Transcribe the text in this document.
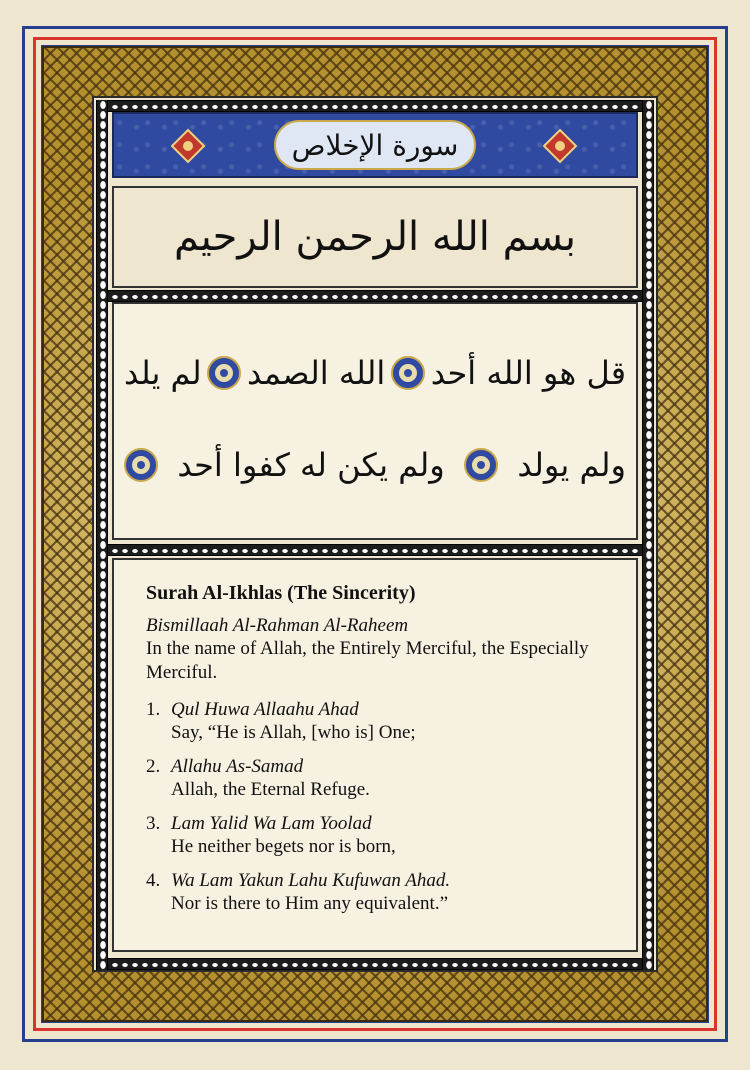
سورة الإخلاص
بسم الله الرحمن الرحيم
قل هو الله أحد
الله الصمد
لم يلد
ولم يولد
ولم يكن له كفوا أحد
Surah Al-Ikhlas (The Sincerity)
Bismillaah Al-Rahman Al-Raheem
In the name of Allah, the Entirely Merciful, the Especially Merciful.
1. Qul Huwa Allaahu Ahad
Say, “He is Allah, [who is] One;
2. Allahu As-Samad
Allah, the Eternal Refuge.
3. Lam Yalid Wa Lam Yoolad
He neither begets nor is born,
4. Wa Lam Yakun Lahu Kufuwan Ahad.
Nor is there to Him any equivalent.”
